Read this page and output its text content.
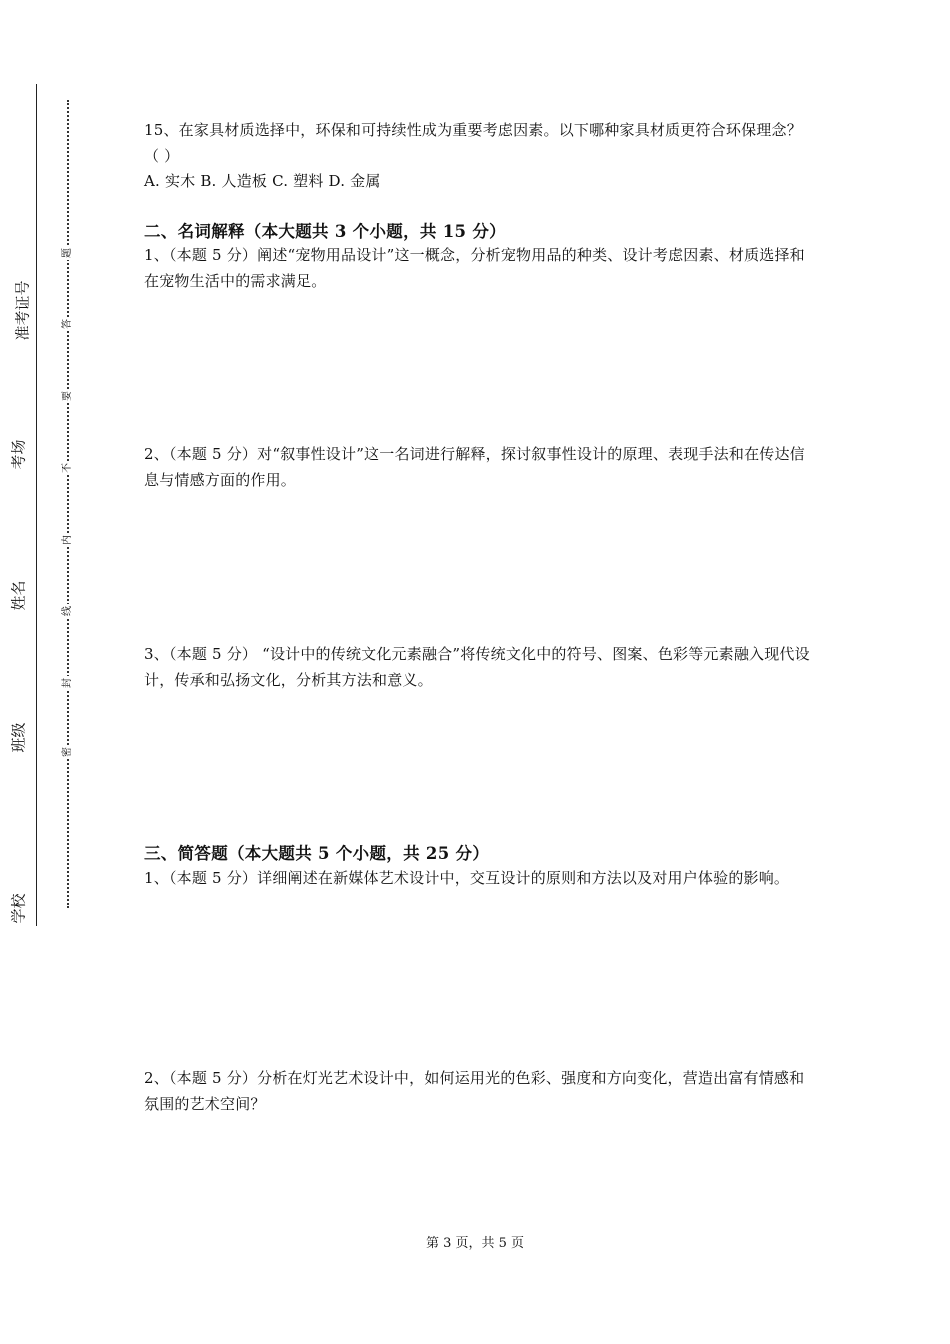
准考证号
考场
姓名
班级
学校
题
答
要
不
内
线
封
密
15、在家具材质选择中，环保和可持续性成为重要考虑因素。以下哪种家具材质更符合环保理念？（ ）
A. 实木 B. 人造板 C. 塑料 D. 金属
二、名词解释（本大题共 3 个小题，共 15 分）
1、（本题 5 分）阐述“宠物用品设计”这一概念，分析宠物用品的种类、设计考虑因素、材质选择和在宠物生活中的需求满足。
2、（本题 5 分）对“叙事性设计”这一名词进行解释，探讨叙事性设计的原理、表现手法和在传达信息与情感方面的作用。
3、（本题 5 分） “设计中的传统文化元素融合”将传统文化中的符号、图案、色彩等元素融入现代设计，传承和弘扬文化，分析其方法和意义。
三、简答题（本大题共 5 个小题，共 25 分）
1、（本题 5 分）详细阐述在新媒体艺术设计中，交互设计的原则和方法以及对用户体验的影响。
2、（本题 5 分）分析在灯光艺术设计中，如何运用光的色彩、强度和方向变化，营造出富有情感和氛围的艺术空间？
第 3 页，共 5 页
